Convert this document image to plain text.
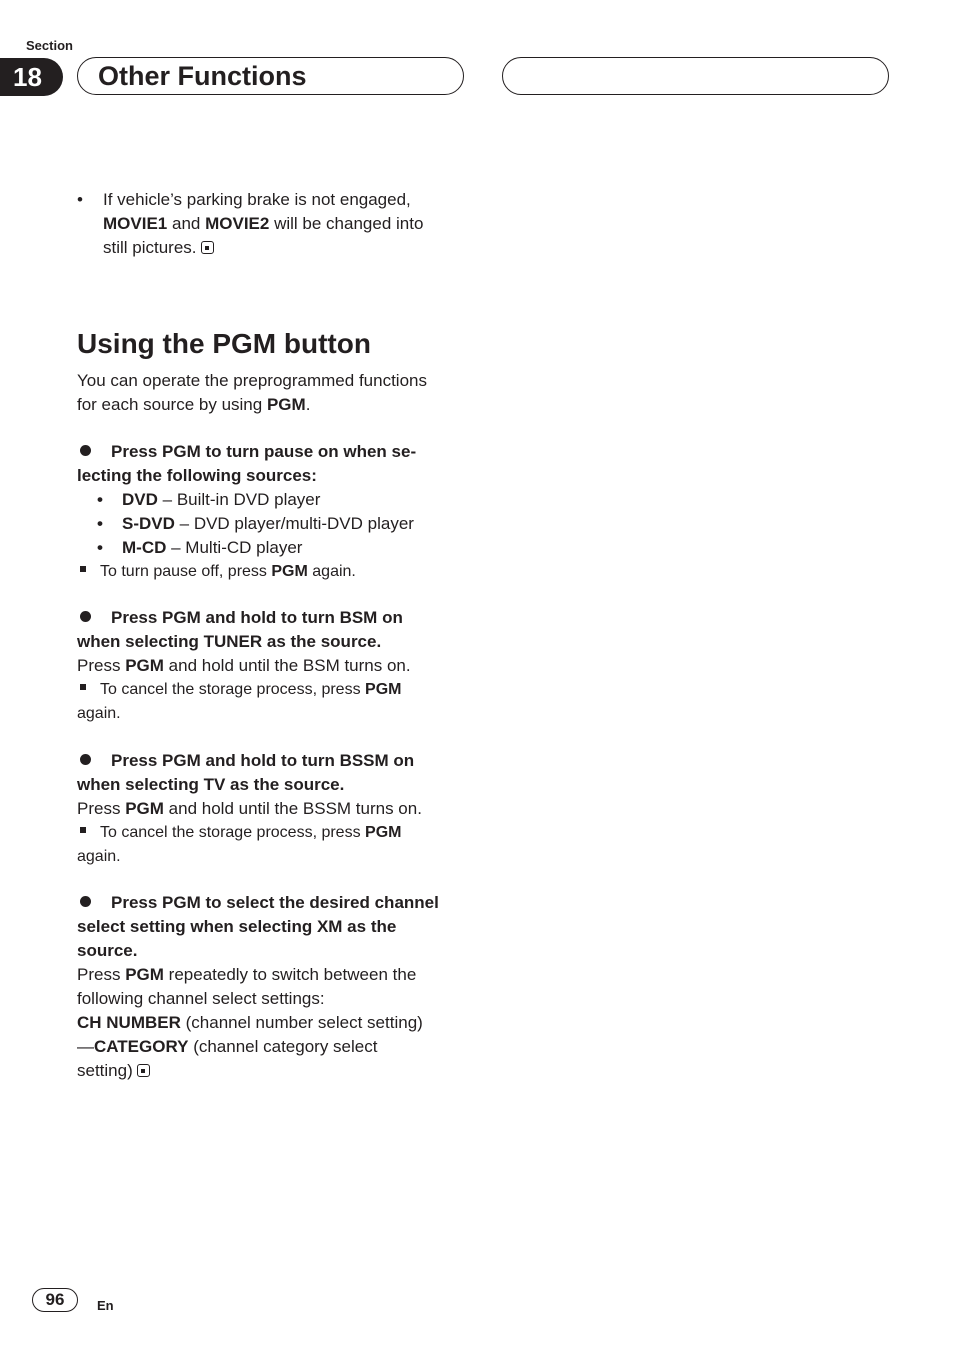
Section
18	Other Functions

• If vehicle’s parking brake is not engaged,

MOVIE1 and MOVIE2 will be changed into

still pictures.

Using the PGM button

You can operate the preprogrammed functions

for each source by using PGM.

Press PGM to turn pause on when se-

lecting the following sources:

• DVD – Built-in DVD player

• S-DVD – DVD player/multi-DVD player

• M-CD – Multi-CD player

To turn pause off, press PGM again.

Press PGM and hold to turn BSM on

when selecting TUNER as the source.

Press PGM and hold until the BSM turns on.

To cancel the storage process, press PGM

again.

Press PGM and hold to turn BSSM on

when selecting TV as the source.

Press PGM and hold until the BSSM turns on.

To cancel the storage process, press PGM

again.

Press PGM to select the desired channel

select setting when selecting XM as the

source.

Press PGM repeatedly to switch between the

following channel select settings:

CH NUMBER (channel number select setting)

—CATEGORY (channel category select

setting)

96	En
